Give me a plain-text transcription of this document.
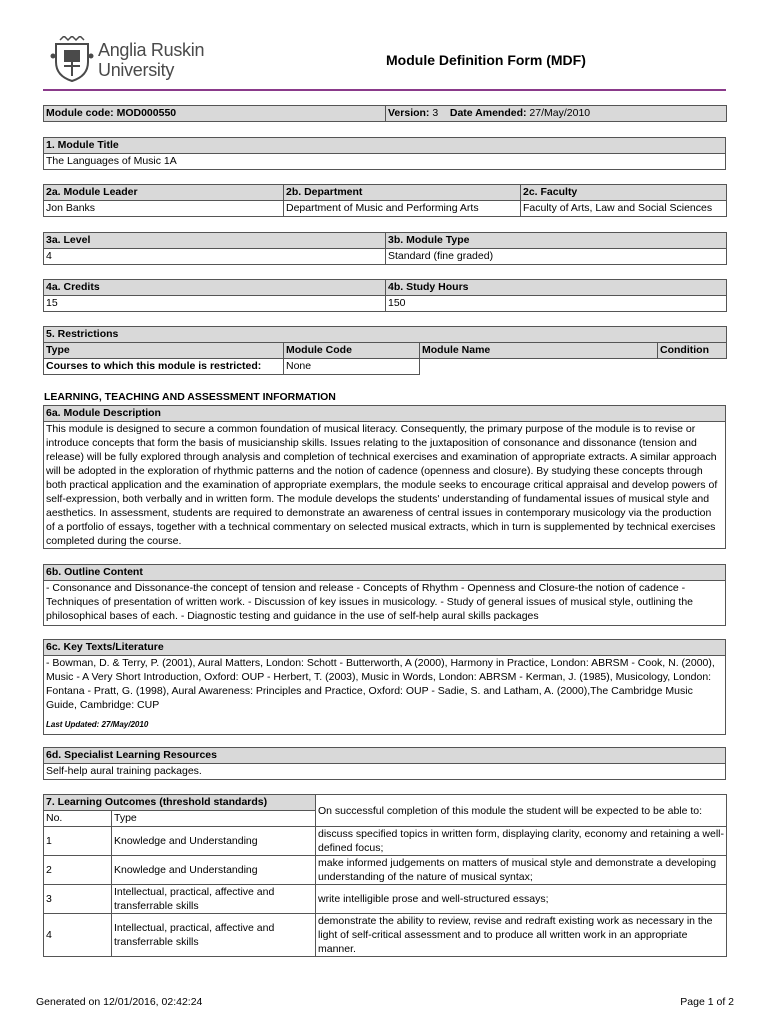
Anglia Ruskin
University	Module Definition Form (MDF)
Module code: MOD000550	Version: 3 Date Amended: 27/May/2010
1. Module Title
The Languages of Music 1A
2a. Module Leader	2b. Department	2c. Faculty
Jon Banks	Department of Music and Performing Arts	Faculty of Arts, Law and Social Sciences
3a. Level	3b. Module Type
4	Standard (fine graded)
4a. Credits	4b. Study Hours
15	150
5. Restrictions			
Type	Module Code	Module Name	Condition
Courses to which this module is restricted:	None		
LEARNING, TEACHING AND ASSESSMENT INFORMATION
6a. Module Description
This module is designed to secure a common foundation of musical literacy. Consequently, the primary purpose of the module is to revise or introduce concepts that form the basis of musicianship skills. Issues relating to the juxtaposition of consonance and dissonance (tension and release) will be fully explored through analysis and completion of technical exercises and examination of appropriate extracts. A similar approach will be adopted in the exploration of rhythmic patterns and the notion of cadence (openness and closure). By studying these concepts through both practical application and the examination of appropriate exemplars, the module seeks to encourage critical appraisal and develop powers of self-expression, both verbally and in written form. The module develops the students' understanding of fundamental issues of musical style and aesthetics. In assessment, students are required to demonstrate an awareness of central issues in contemporary musicology via the production of a portfolio of essays, together with a technical commentary on selected musical extracts, which in turn is supplemented by technical exercises completed during the course.
6b. Outline Content
- Consonance and Dissonance-the concept of tension and release - Concepts of Rhythm - Openness and Closure-the notion of cadence - Techniques of presentation of written work. - Discussion of key issues in musicology. - Study of general issues of musical style, outlining the philosophical bases of each. - Diagnostic testing and guidance in the use of self-help aural skills packages
6c. Key Texts/Literature

- Bowman, D. & Terry, P. (2001), Aural Matters, London: Schott - Butterworth, A (2000), Harmony in Practice, London: ABRSM - Cook, N. (2000), Music - A Very Short Introduction, Oxford: OUP - Herbert, T. (2003), Music in Words, London: ABRSM - Kerman, J. (1985), Musicology, London: Fontana - Pratt, G. (1998), Aural Awareness: Principles and Practice, Oxford: OUP - Sadie, S. and Latham, A. (2000),The Cambridge Music Guide, Cambridge: CUP
Last Updated: 27/May/2010
6d. Specialist Learning Resources
Self-help aural training packages.
7. Learning Outcomes (threshold standards)		On successful completion of this module the student will be expected to be able to:
No.	Type	
1	Knowledge and Understanding	discuss specified topics in written form, displaying clarity, economy and retaining a well-defined focus;
2	Knowledge and Understanding	make informed judgements on matters of musical style and demonstrate a developing understanding of the nature of musical syntax;
3	Intellectual, practical, affective and transferrable skills	write intelligible prose and well-structured essays;
4	Intellectual, practical, affective and transferrable skills	demonstrate the ability to review, revise and redraft existing work as necessary in the light of self-critical assessment and to produce all written work in an appropriate manner.
Generated on 12/01/2016, 02:42:24	Page 1 of 2
